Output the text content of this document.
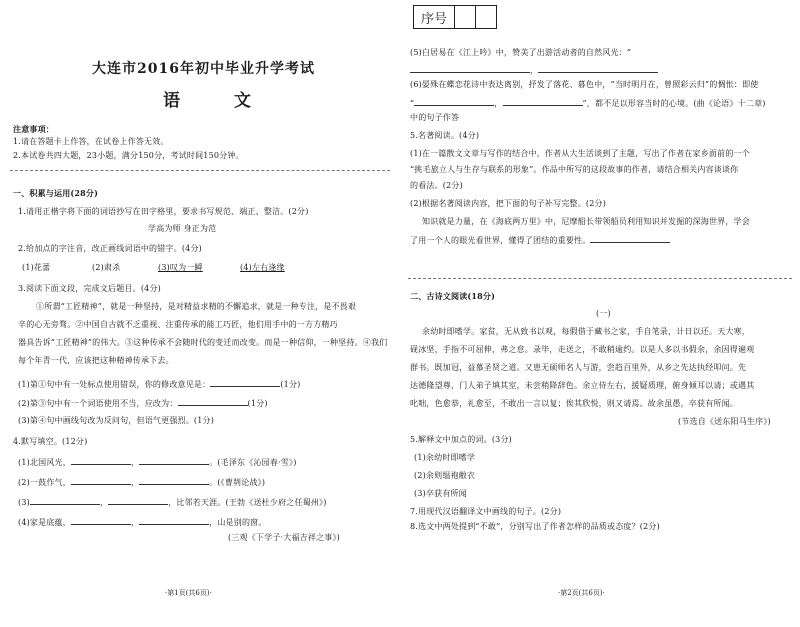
序号
大连市2016年初中毕业升学考试
语 文
注意事项：
1.请在答题卡上作答，在试卷上作答无效。
2.本试卷共四大题，23小题，满分150分，考试时间150分钟。
一、积累与运用(28分)
1.请用正楷字将下面的词语抄写在田字格里，要求书写规范、端正、整洁。(2分)
学高为师 身正为范
2.给加点的字注音，改正画线词语中的错字。(4分)
(1)花蕾	(2)肃杀	(3)叹为一瞬	(4)左右逢缘
3.阅读下面文段，完成文后题目。(4分)
①所谓“工匠精神”，就是一种坚持，是对精益求精的不懈追求，就是一种专注，是不畏艰
辛的心无旁骛。②中国自古就不乏重视、注重传承的能工巧匠，他们用手中的一方方精巧
器具告诉“工匠精神”的伟大。③这种传承不会随时代的变迁而改变。而是一种信仰，一种坚持。④我们
每个年青一代，应该把这种精神传承下去。
(1)第①句中有一处标点使用错误，你的修改意见是：	(1分)
(2)第③句中有一个词语使用不当，应改为：	(1分)
(3)第④句中画线句改为反问句，但语气更强烈。(1分)
4.默写填空。(12分)
(1)北国风光，	，	。(毛泽东《沁园春·雪》)
(2)一鼓作气，	，	。(《曹刿论战》)
(3)	，	，比邻若天涯。(王勃《送杜少府之任蜀州》)
(4)家是底蕴，	，	，山是别的窗。
(三观《下学子·大福吉祥之事》)
·第1页(共6页)·
(5)白居易在《江上吟》中，赞美了出游活动者的自然风光：“
，
(6)晏殊在蝶恋花诗中表达离别，抒发了落花、暮色中，“当时明月在，曾照彩云归”的惆怅：即使
“	，	”，都不足以形容当时的心境。(曲《论语》十二章)
中的句子作答
5.名著阅读。(4分)
(1)在一篇散文文章与写作的结合中，作者从大生活谈到了主题，写出了作者在家乡面前的一个
“挑毛旅立人与生存与联系的形象”。作品中所写的这段故事的作者，请结合相关内容谈谈你
的看法。(2分)
(2)根据名著阅读内容，把下面的句子补写完整。(2分)
知识就是力量，在《海底两万里》中，尼摩船长带领船员利用知识并发掘的深海世界，学会
了用一个人的眼光看世界，懂得了团结的重要性。
二、古诗文阅读(18分)
(一)
余幼时即嗜学。家贫，无从致书以观，每假借于藏书之家，手自笔录，计日以还。天大寒，
砚冰坚，手指不可屈伸，弗之怠。录毕，走送之，不敢稍逾约。以是人多以书假余，余因得遍观
群书。既加冠，益慕圣贤之道。又患无硕师名人与游，尝趋百里外，从乡之先达执经叩问。先
达德隆望尊，门人弟子填其室，未尝稍降辞色。余立侍左右，援疑质理，俯身倾耳以请；或遇其
叱咄，色愈恭，礼愈至，不敢出一言以复；俟其欣悦，则又请焉。故余虽愚，卒获有所闻。
(节选自《送东阳马生序》)
5.解释文中加点的词。(3分)
(1)余幼时即嗜学
(2)余则缊袍敝衣
(3)卒获有所闻
7.用现代汉语翻译文中画线的句子。(2分)
8.选文中两处提到“不敢”，分别写出了作者怎样的品质或态度？(2分)
·第2页(共6页)·
